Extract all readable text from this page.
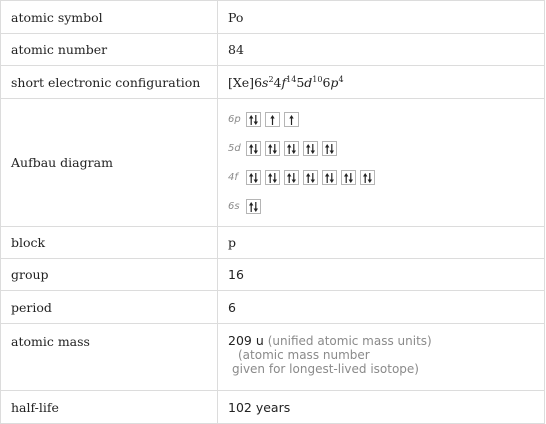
atomic symbol	Po
atomic number	84
short electronic configuration	$[Xe]6s^24f^{14}5d^{10}6p^4$
Aufbau diagram	6p
5d
4f
6s

block	p
group	16
period	6
atomic mass	209 u (unified atomic mass units)
(atomic mass number
given for longest-lived isotope)

half-life	102 years
